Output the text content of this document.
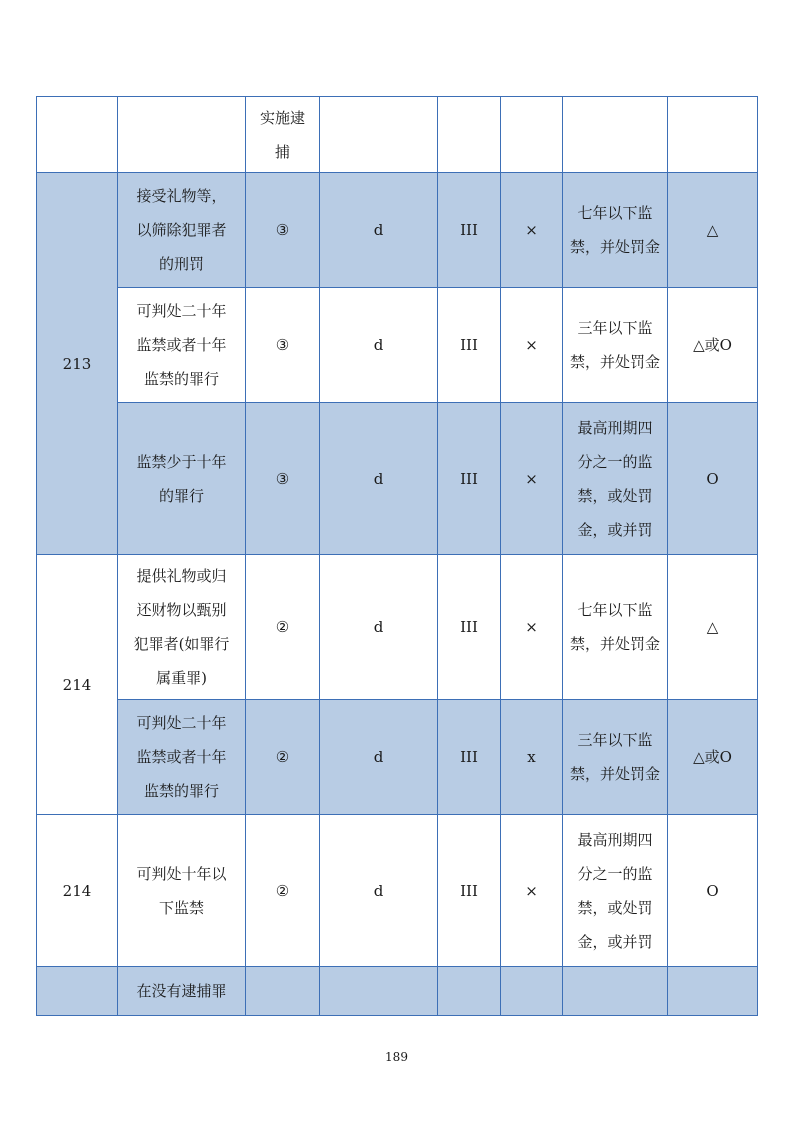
		实施逮
捕					
213	接受礼物等，
以筛除犯罪者
的刑罚	③	d	III	×	七年以下监
禁，并处罚金	△
	可判处二十年
监禁或者十年
监禁的罪行	③	d	III	×	三年以下监
禁，并处罚金	△或O
	监禁少于十年
的罪行	③	d	III	×	最高刑期四
分之一的监
禁，或处罚
金，或并罚	O
214	提供礼物或归
还财物以甄别
犯罪者(如罪行
属重罪)	②	d	III	×	七年以下监
禁，并处罚金	△
	可判处二十年
监禁或者十年
监禁的罪行	②	d	III	x	三年以下监
禁，并处罚金	△或O
214	可判处十年以
下监禁	②	d	III	×	最高刑期四
分之一的监
禁，或处罚
金，或并罚	O
	在没有逮捕罪						
189
